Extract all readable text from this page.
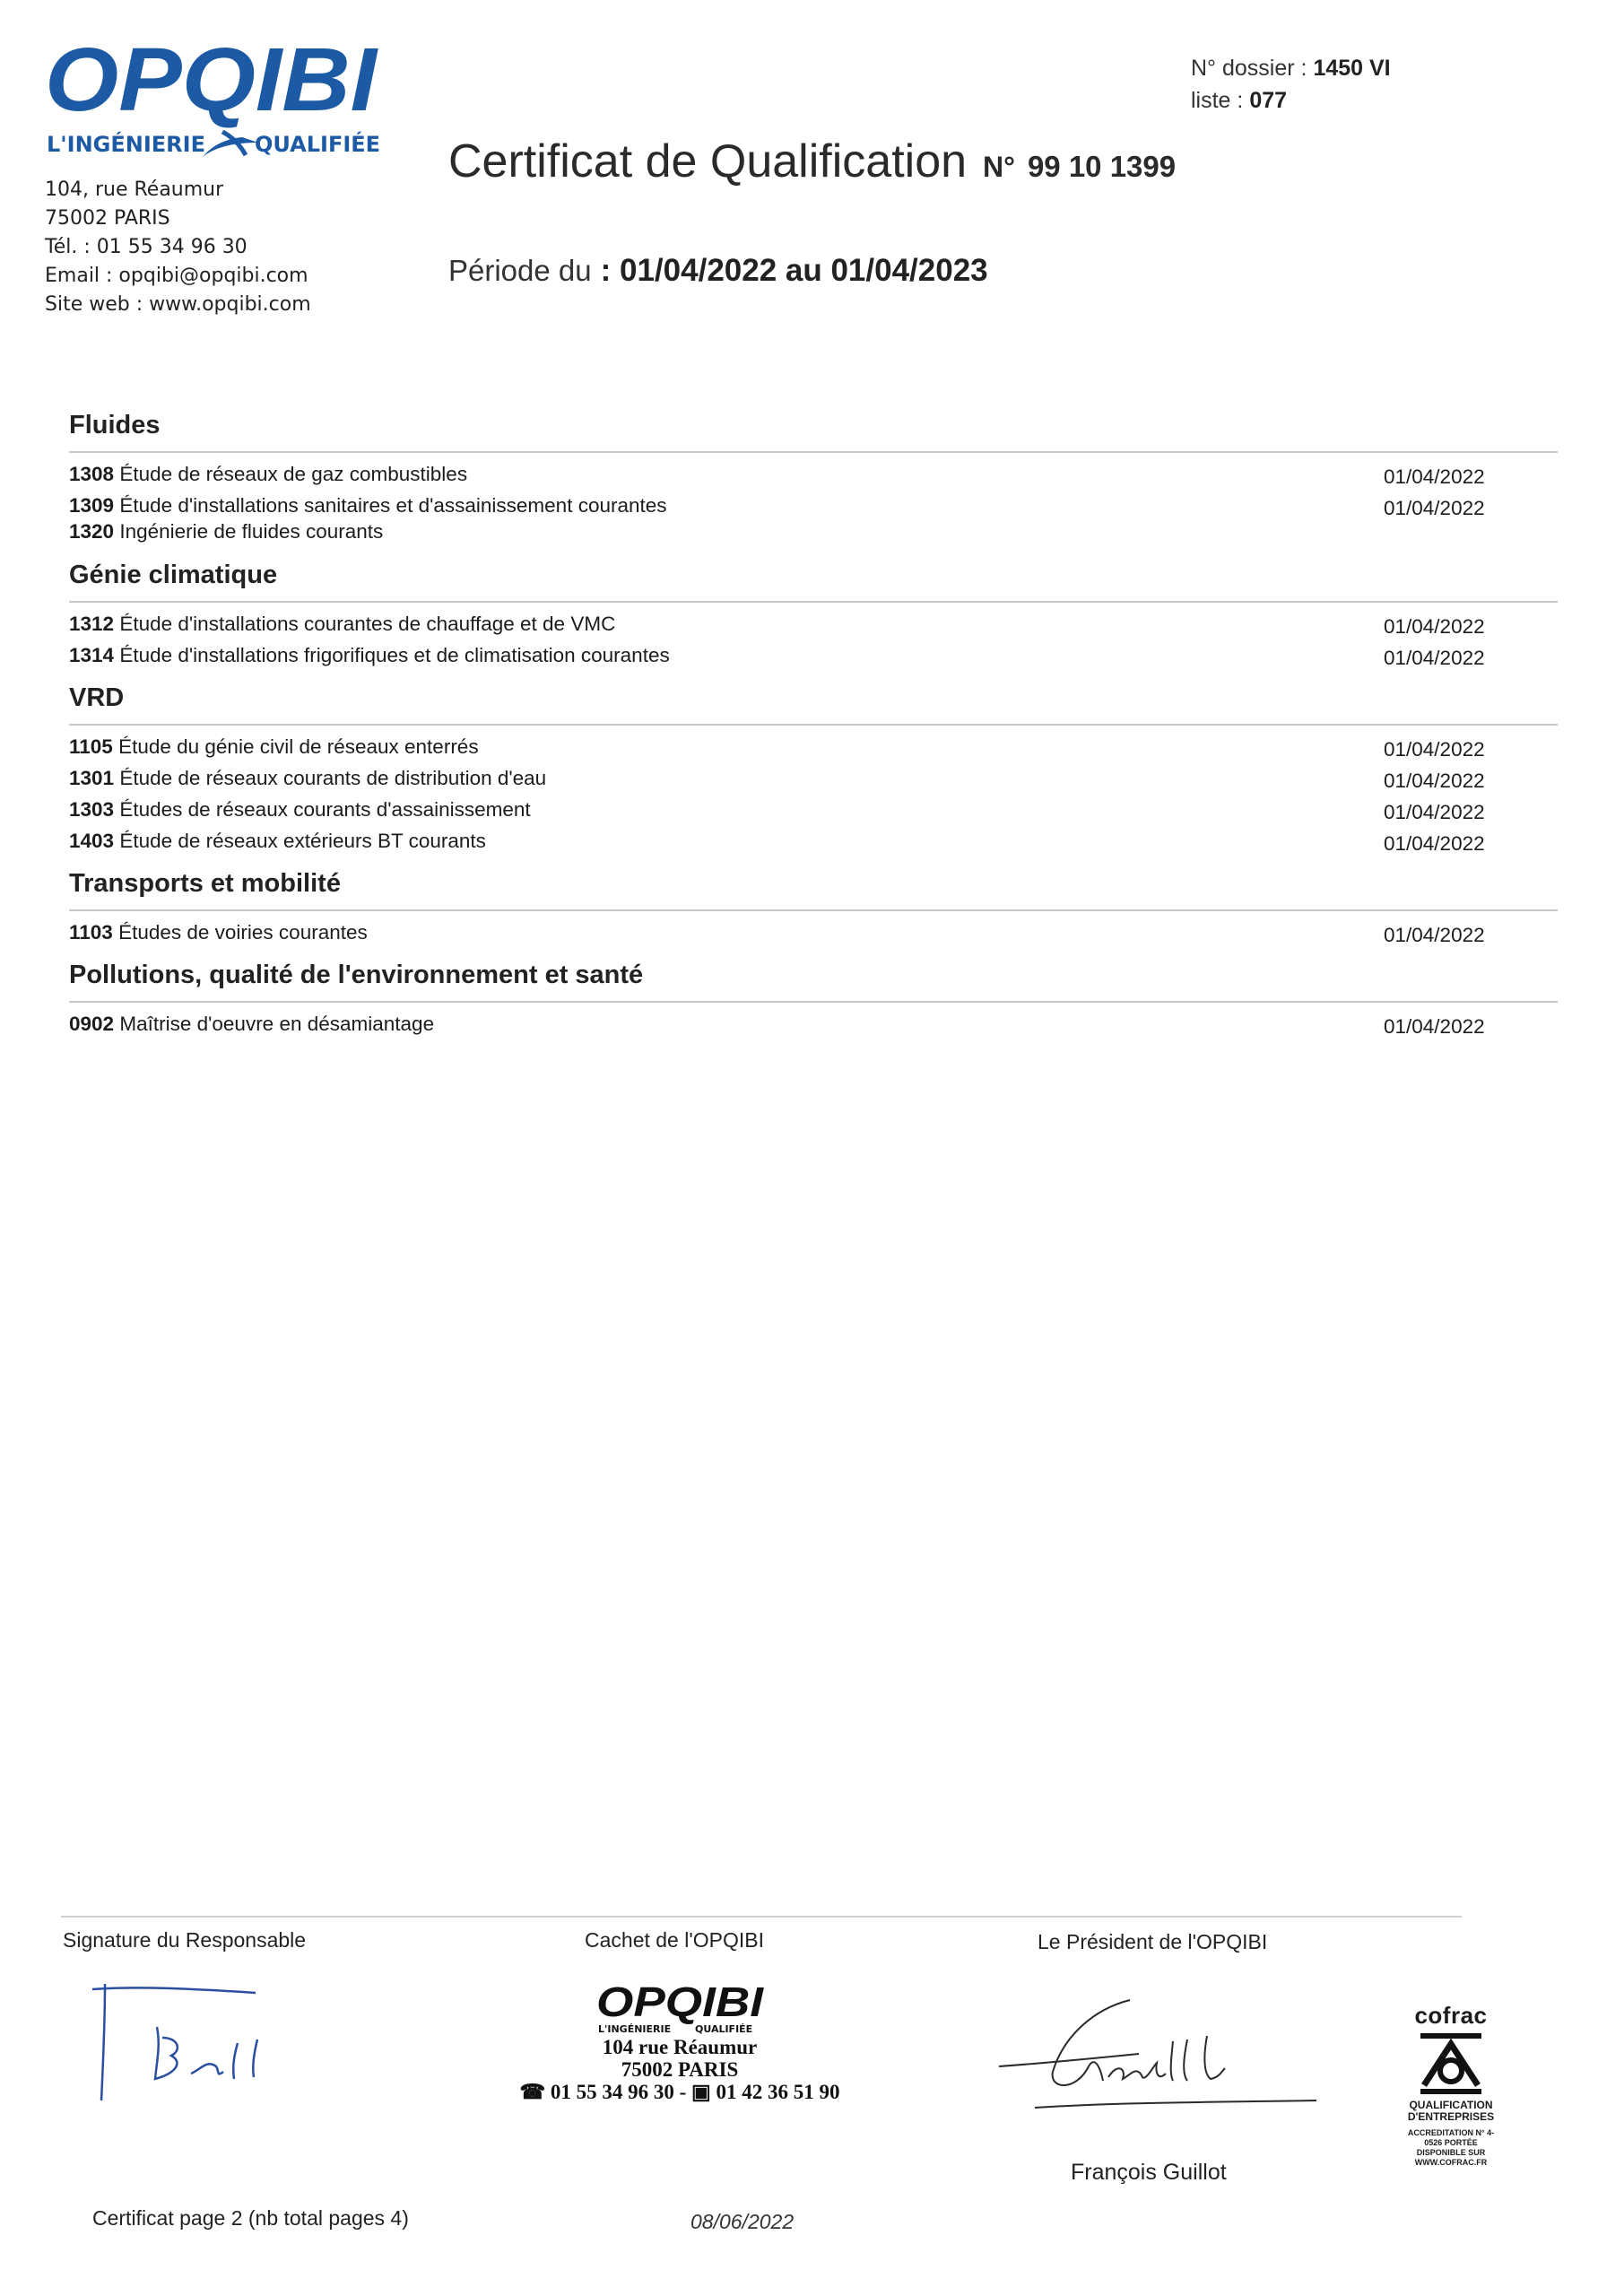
OPQIBI
L'INGÉNIERIE QUALIFIÉE
104, rue Réaumur
75002 PARIS
Tél. : 01 55 34 96 30
Email : opqibi@opqibi.com
Site web : www.opqibi.com
N° dossier : 1450 VI
liste : 077
Certificat de Qualification N° 99 10 1399
Période du : 01/04/2022 au 01/04/2023
Fluides
1308 Étude de réseaux de gaz combustibles	01/04/2022
1309 Étude d'installations sanitaires et d'assainissement courantes	01/04/2022
1320 Ingénierie de fluides courants
Génie climatique
1312 Étude d'installations courantes de chauffage et de VMC	01/04/2022
1314 Étude d'installations frigorifiques et de climatisation courantes	01/04/2022
VRD
1105 Étude du génie civil de réseaux enterrés	01/04/2022
1301 Étude de réseaux courants de distribution d'eau	01/04/2022
1303 Études de réseaux courants d'assainissement	01/04/2022
1403 Étude de réseaux extérieurs BT courants	01/04/2022
Transports et mobilité
1103 Études de voiries courantes	01/04/2022
Pollutions, qualité de l'environnement et santé
0902 Maîtrise d'oeuvre en désamiantage	01/04/2022
Signature du Responsable	Cachet de l'OPQIBI	Le Président de l'OPQIBI
OPQIBI
L'INGÉNIERIE QUALIFIÉE
104 rue Réaumur
75002 PARIS
☎ 01 55 34 96 30 - ▣ 01 42 36 51 90
François Guillot
cofrac
QUALIFICATION D'ENTREPRISES
ACCREDITATION N° 4-0526 PORTÉE DISPONIBLE SUR WWW.COFRAC.FR
Certificat page 2 (nb total pages 4)	08/06/2022
